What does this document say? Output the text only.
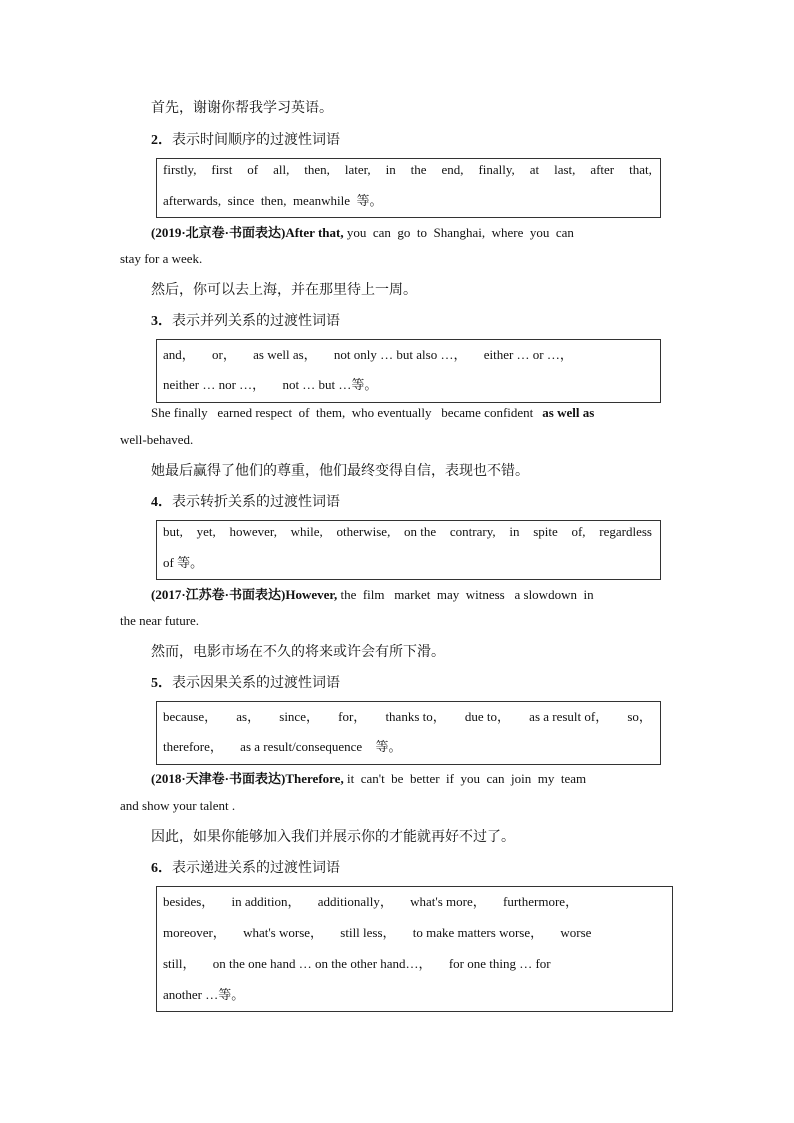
首先，谢谢你帮我学习英语。
2．表示时间顺序的过渡性词语
firstly, first of all, then, later, in the end, finally, at last, after that,
afterwards,  since  then,  meanwhile  等。
(2019·北京卷·书面表达)After that, you  can  go  to  Shanghai,  where  you  can
stay for a week.
然后，你可以去上海，并在那里待上一周。
3．表示并列关系的过渡性词语
and， or， as well as， not only … but also …， either … or …，
neither … nor …， not … but …等。
She finally   earned respect  of  them,  who eventually   became confident as well as
well-behaved.
她最后赢得了他们的尊重，他们最终变得自信，表现也不错。
4．表示转折关系的过渡性词语
but, yet, however, while, otherwise, on the contrary, in spite of, regardless
of 等。
(2017·江苏卷·书面表达)However, the  film   market  may  witness   a slowdown  in
the near future.
然而，电影市场在不久的将来或许会有所下滑。
5．表示因果关系的过渡性词语
because， as， since， for， thanks to， due to， as a result of， so，
therefore， as a result/consequence 等。
(2018·天津卷·书面表达)Therefore, it  can't  be  better  if  you  can  join  my  team
and show your talent .
因此，如果你能够加入我们并展示你的才能就再好不过了。
6．表示递进关系的过渡性词语
besides， in addition， additionally， what's more， furthermore，
moreover， what's worse， still less， to make matters worse， worse
still， on the one hand … on the other hand…， for one thing … for
another …等。
